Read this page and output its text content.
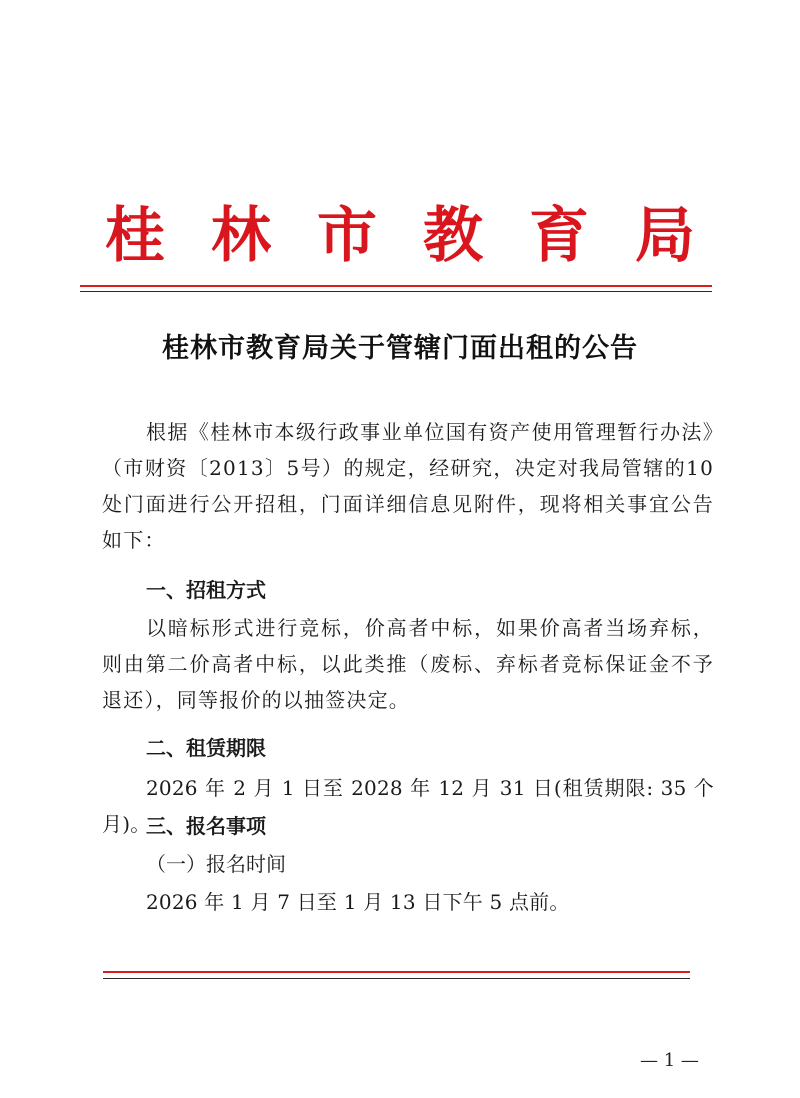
桂 林 市 教 育 局
桂林市教育局关于管辖门面出租的公告
根据《桂林市本级行政事业单位国有资产使用管理暂行办法》（市财资〔2013〕5号）的规定，经研究，决定对我局管辖的10处门面进行公开招租，门面详细信息见附件，现将相关事宜公告如下：
一、招租方式
以暗标形式进行竞标，价高者中标，如果价高者当场弃标，则由第二价高者中标，以此类推（废标、弃标者竞标保证金不予退还），同等报价的以抽签决定。
二、租赁期限
2026 年 2 月 1 日至 2028 年 12 月 31 日(租赁期限: 35 个月)。
三、报名事项
（一）报名时间
2026 年 1 月 7 日至 1 月 13 日下午 5 点前。
— 1 —
